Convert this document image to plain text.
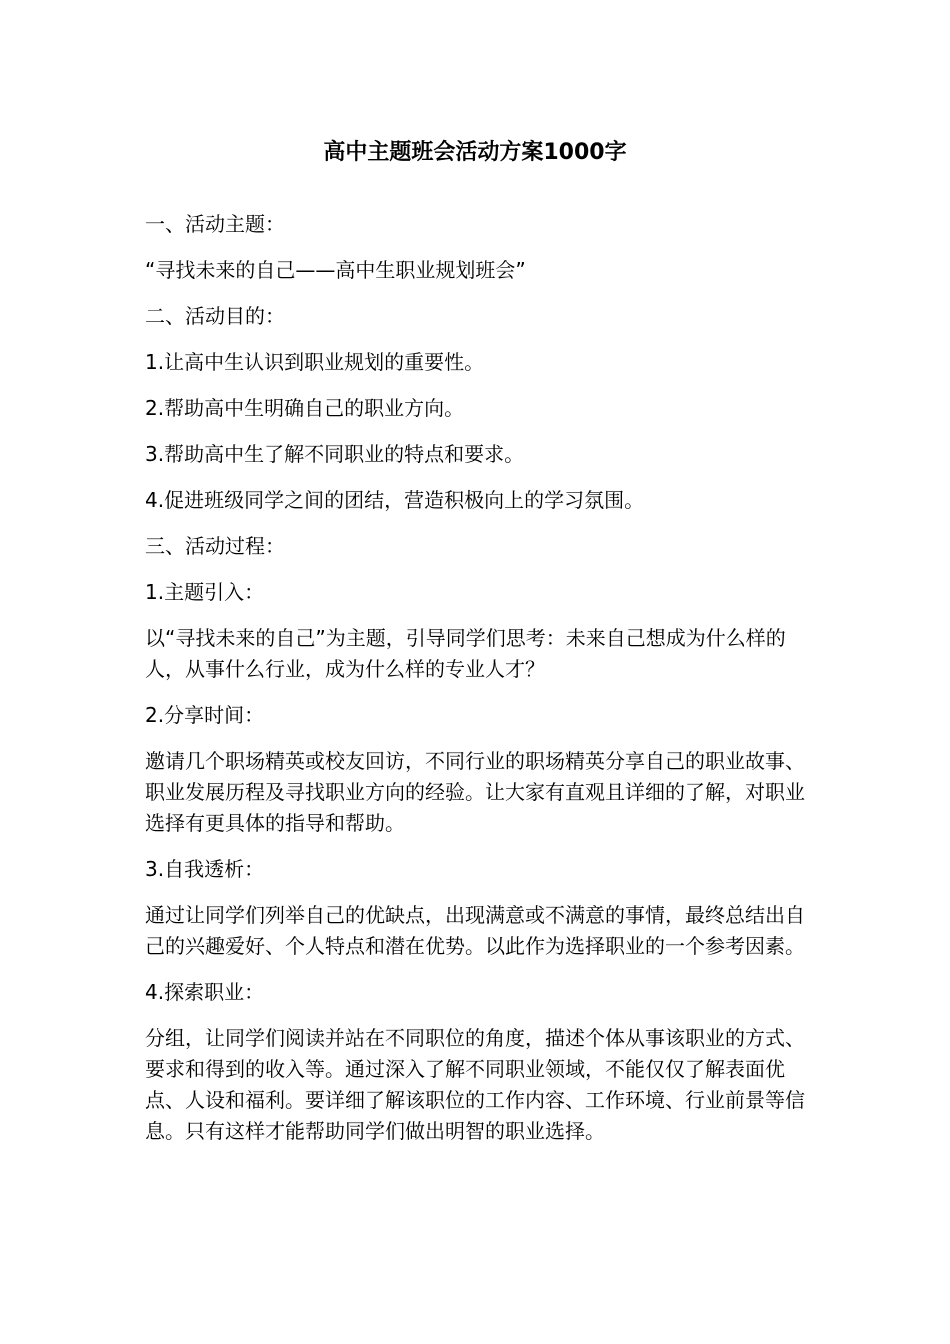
高中主题班会活动方案1000字

一、活动主题：

“寻找未来的自己——高中生职业规划班会”

二、活动目的：

1.让高中生认识到职业规划的重要性。

2.帮助高中生明确自己的职业方向。

3.帮助高中生了解不同职业的特点和要求。

4.促进班级同学之间的团结，营造积极向上的学习氛围。

三、活动过程：

1.主题引入：

以“寻找未来的自己”为主题，引导同学们思考：未来自己想成为什么样的人，从事什么行业，成为什么样的专业人才？

2.分享时间：

邀请几个职场精英或校友回访，不同行业的职场精英分享自己的职业故事、职业发展历程及寻找职业方向的经验。让大家有直观且详细的了解，对职业选择有更具体的指导和帮助。

3.自我透析：

通过让同学们列举自己的优缺点，出现满意或不满意的事情，最终总结出自己的兴趣爱好、个人特点和潜在优势。以此作为选择职业的一个参考因素。

4.探索职业：

分组，让同学们阅读并站在不同职位的角度，描述个体从事该职业的方式、要求和得到的收入等。通过深入了解不同职业领域，不能仅仅了解表面优点、人设和福利。要详细了解该职位的工作内容、工作环境、行业前景等信息。只有这样才能帮助同学们做出明智的职业选择。
